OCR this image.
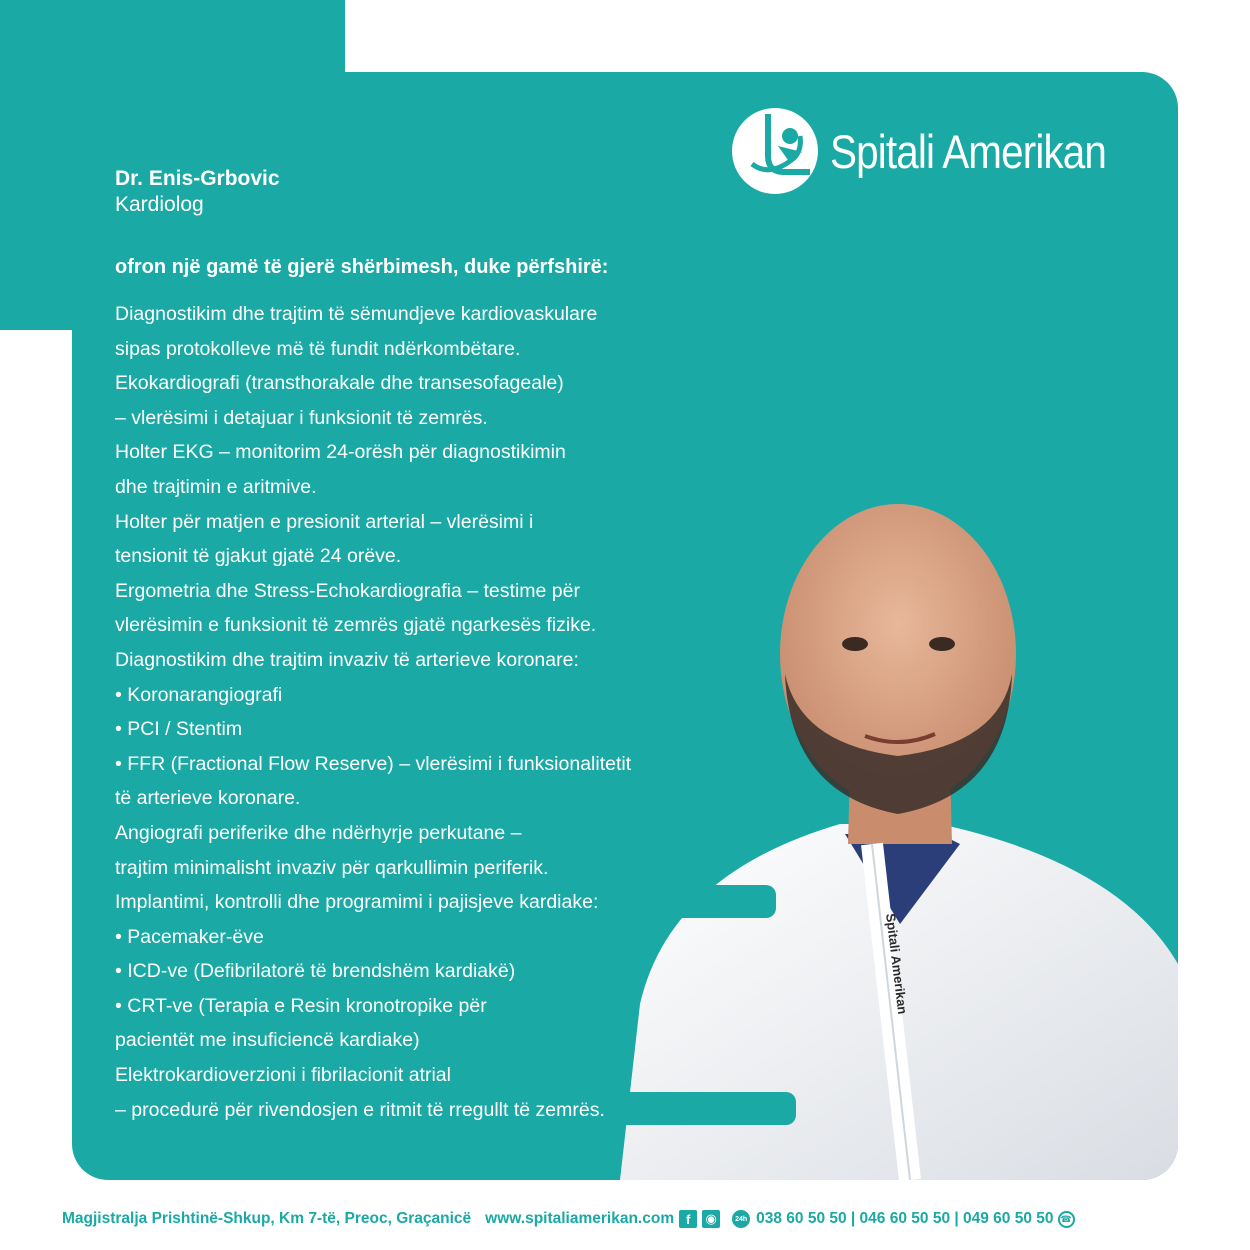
Spitali Amerikan
Dr. Enis-Grbovic
Kardiolog
ofron një gamë të gjerë shërbimesh, duke përfshirë:
Spitali Amerikan
Diagnostikim dhe trajtim të sëmundjeve kardiovaskulare
sipas protokolleve më të fundit ndërkombëtare.
Ekokardiografi (transthorakale dhe transesofageale)
– vlerësimi i detajuar i funksionit të zemrës.
Holter EKG – monitorim 24-orësh për diagnostikimin
dhe trajtimin e aritmive.
Holter për matjen e presionit arterial – vlerësimi i
tensionit të gjakut gjatë 24 orëve.
Ergometria dhe Stress-Echokardiografia – testime për
vlerësimin e funksionit të zemrës gjatë ngarkesës fizike.
Diagnostikim dhe trajtim invaziv të arterieve koronare:
• Koronarangiografi
• PCI / Stentim
• FFR (Fractional Flow Reserve) – vlerësimi i funksionalitetit
të arterieve koronare.
Angiografi periferike dhe ndërhyrje perkutane –
trajtim minimalisht invaziv për qarkullimin periferik.
Implantimi, kontrolli dhe programimi i pajisjeve kardiake:
• Pacemaker-ëve
• ICD-ve (Defibrilatorë të brendshëm kardiakë)
• CRT-ve (Terapia e Resin kronotropike për
pacientët me insuficiencë kardiake)
Elektrokardioverzioni i fibrilacionit atrial
– procedurë për rivendosjen e ritmit të rregullt të zemrës.
Magjistralja Prishtinë-Shkup, Km 7-të, Preoc, Graçanicë www.spitaliamerikan.com f	◉	24h 038 60 50 50 | 046 60 50 50 | 049 60 50 50 ☎
